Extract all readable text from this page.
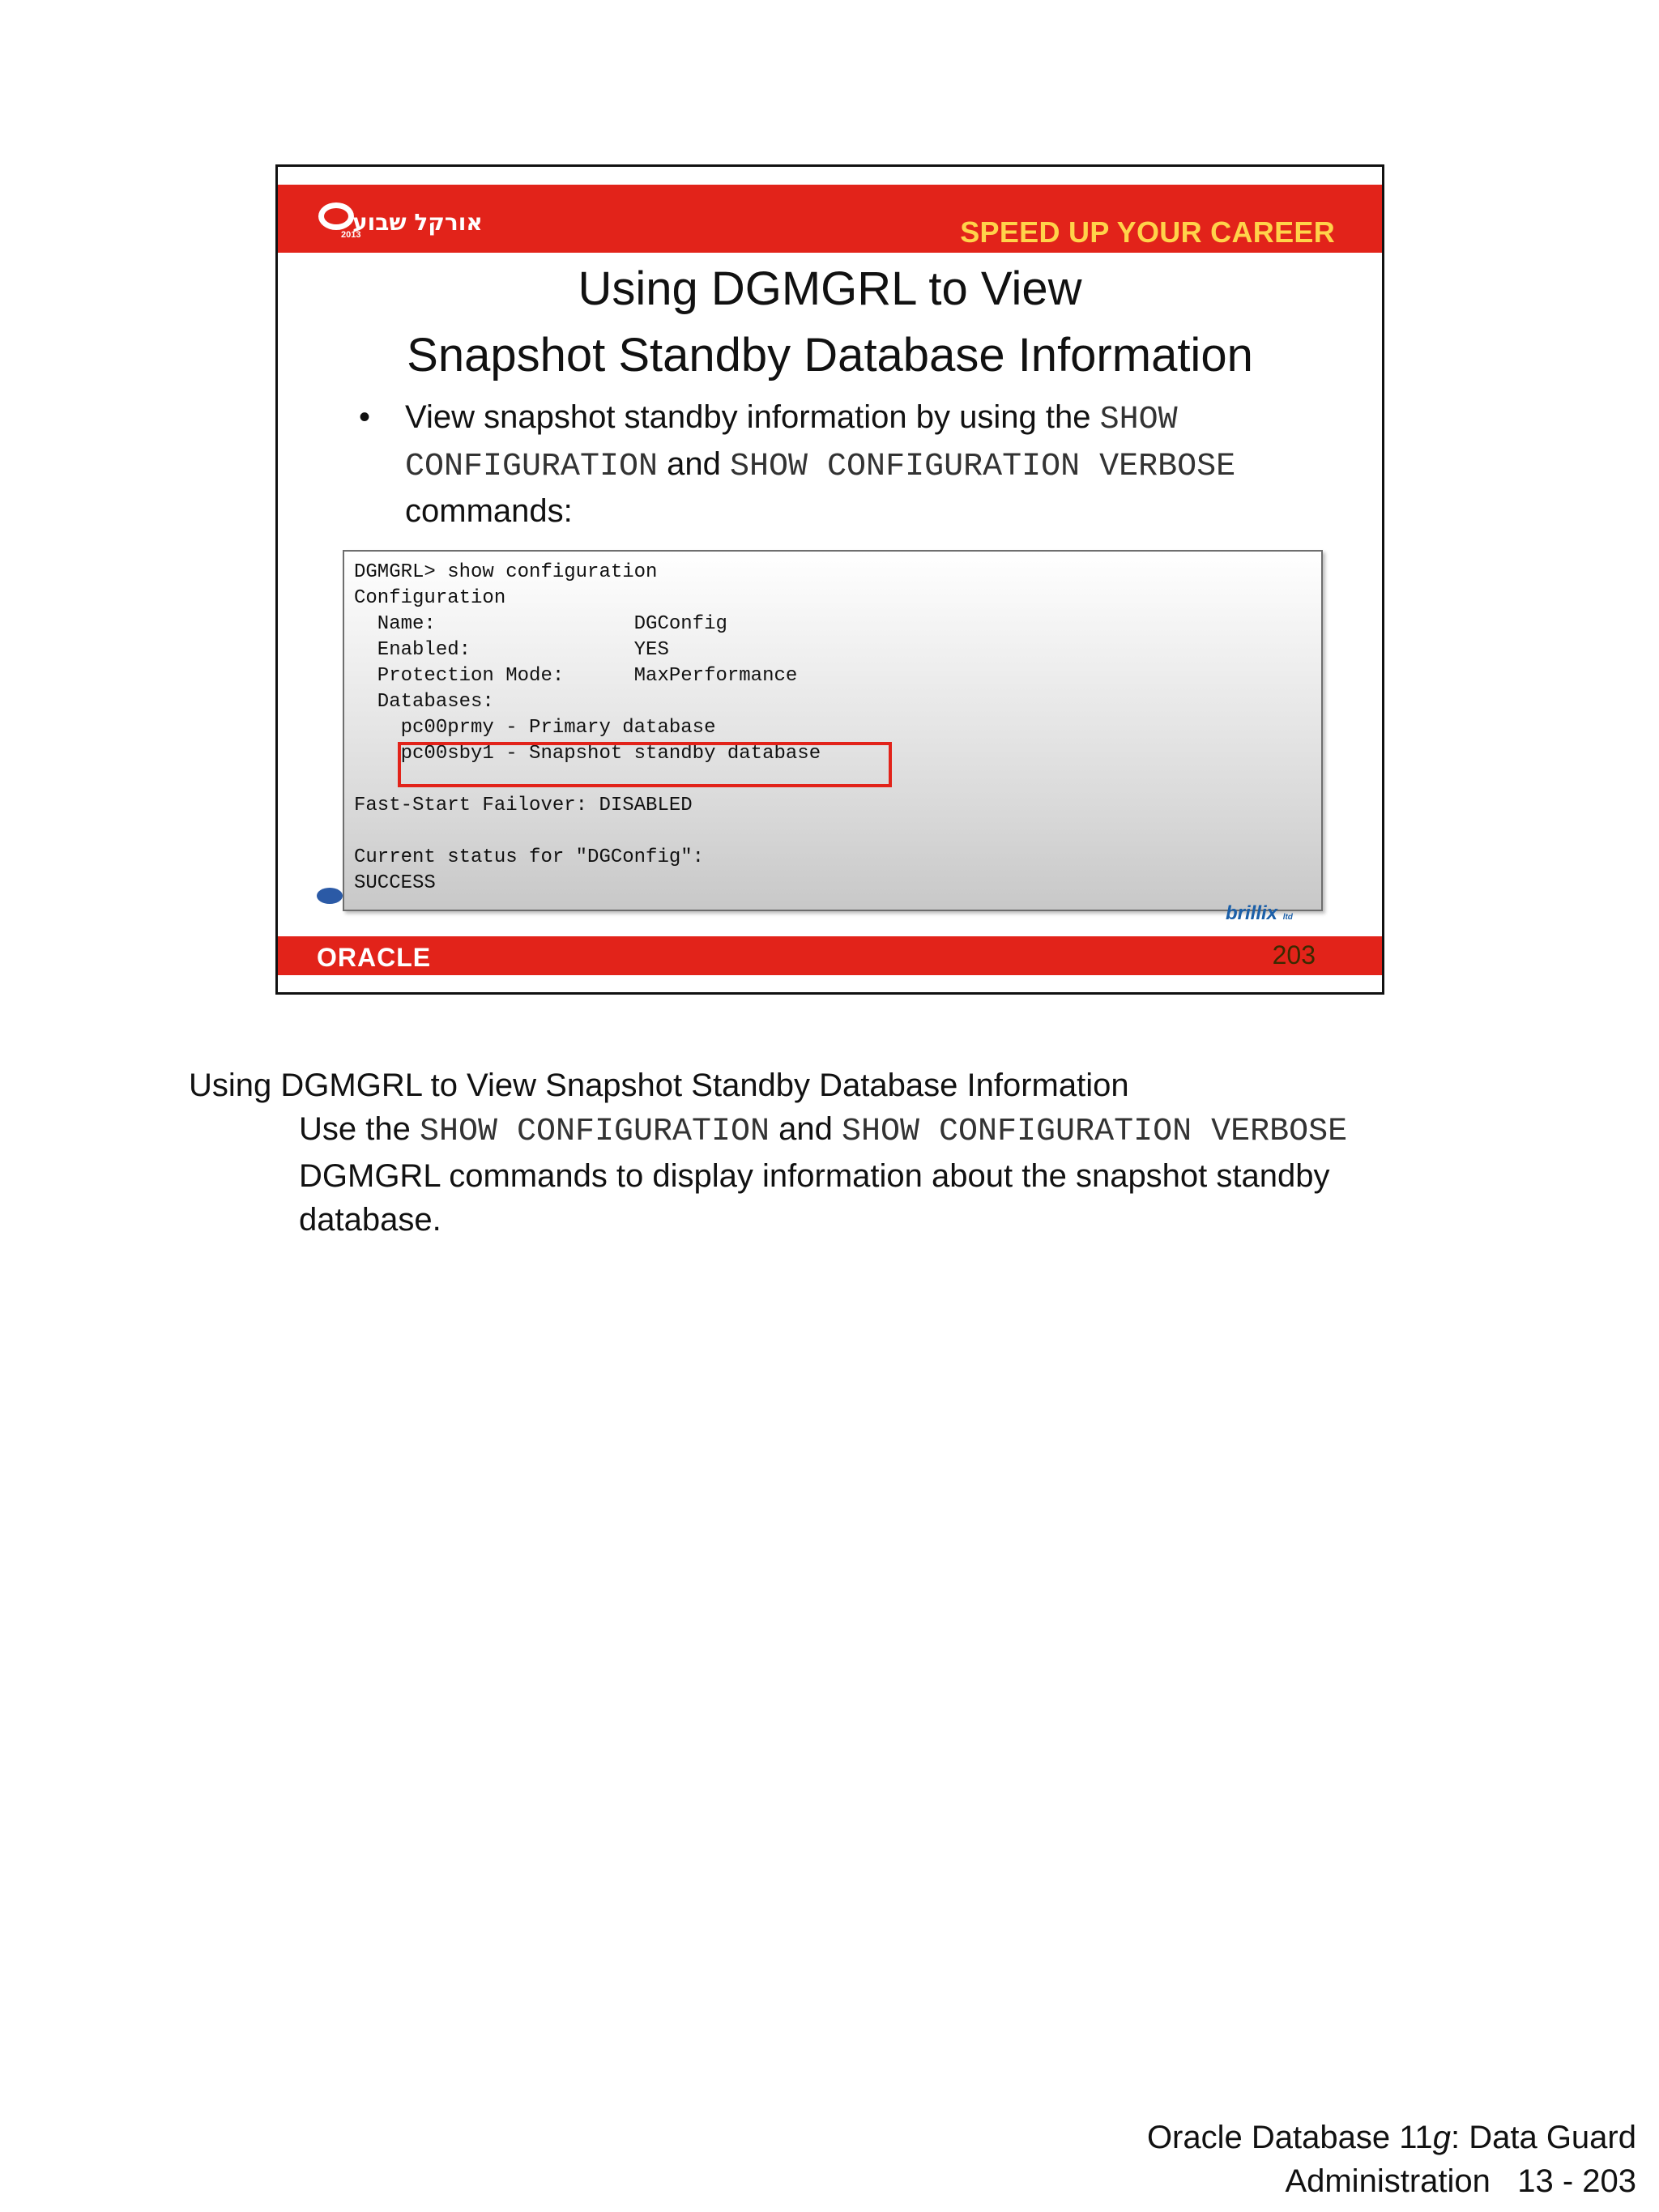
אורקל שבוע
2013	SPEED UP YOUR CAREER
Using DGMGRL to View
Snapshot Standby Database Information
• View snapshot standby information by using the SHOW CONFIGURATION and SHOW CONFIGURATION VERBOSE commands:
DGMGRL> show configuration
Configuration
Name:                 DGConfig
Enabled:              YES
Protection Mode:      MaxPerformance
Databases:
pc00prmy - Primary database
pc00sby1 - Snapshot standby database
Fast-Start Failover: DISABLED
Current status for "DGConfig":
SUCCESS
brillix ltd
ORACLE	203
Using DGMGRL to View Snapshot Standby Database Information
Use the SHOW CONFIGURATION and SHOW CONFIGURATION VERBOSE DGMGRL commands to display information about the snapshot standby database.
Oracle Database 11g: Data Guard
Administration   13 - 203
